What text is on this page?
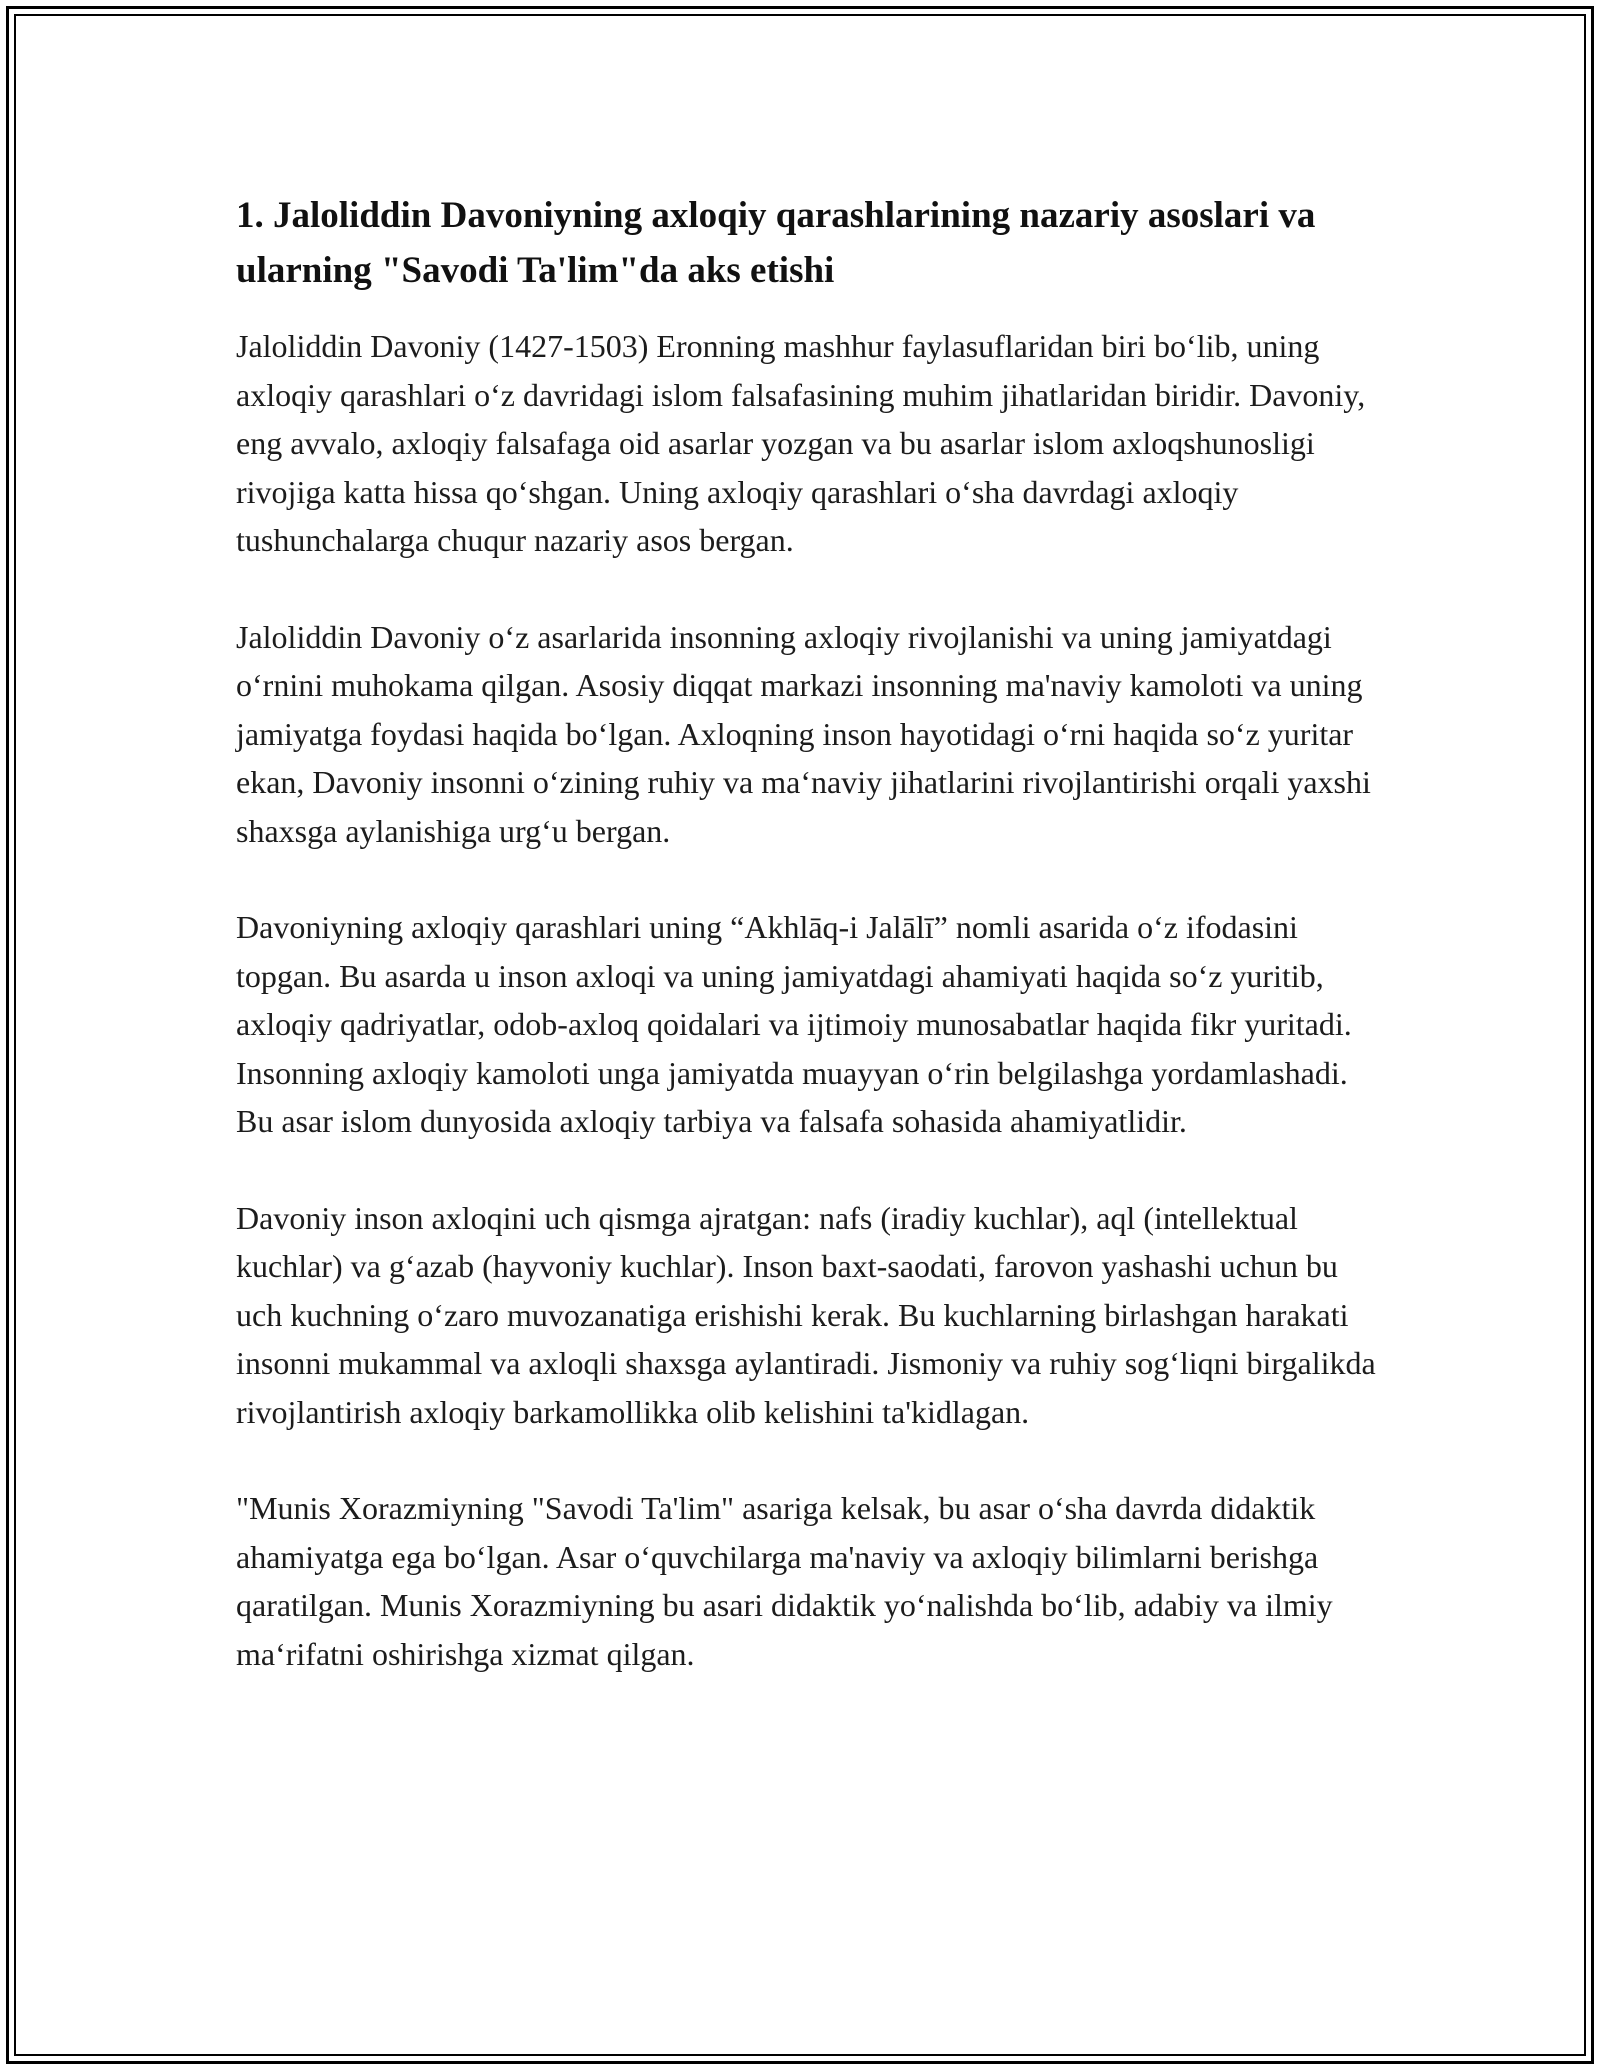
1. Jaloliddin Davoniyning axloqiy qarashlarining nazariy asoslari va ularning "Savodi Ta'lim"da aks etishi

Jaloliddin Davoniy (1427-1503) Eronning mashhur faylasuflaridan biri bo‘lib, uning axloqiy qarashlari o‘z davridagi islom falsafasining muhim jihatlaridan biridir. Davoniy, eng avvalo, axloqiy falsafaga oid asarlar yozgan va bu asarlar islom axloqshunosligi rivojiga katta hissa qo‘shgan. Uning axloqiy qarashlari o‘sha davrdagi axloqiy tushunchalarga chuqur nazariy asos bergan.

Jaloliddin Davoniy o‘z asarlarida insonning axloqiy rivojlanishi va uning jamiyatdagi o‘rnini muhokama qilgan. Asosiy diqqat markazi insonning ma'naviy kamoloti va uning jamiyatga foydasi haqida bo‘lgan. Axloqning inson hayotidagi o‘rni haqida so‘z yuritar ekan, Davoniy insonni o‘zining ruhiy va ma‘naviy jihatlarini rivojlantirishi orqali yaxshi shaxsga aylanishiga urg‘u bergan.

Davoniyning axloqiy qarashlari uning “Akhlāq-i Jalālī” nomli asarida o‘z ifodasini topgan. Bu asarda u inson axloqi va uning jamiyatdagi ahamiyati haqida so‘z yuritib, axloqiy qadriyatlar, odob-axloq qoidalari va ijtimoiy munosabatlar haqida fikr yuritadi. Insonning axloqiy kamoloti unga jamiyatda muayyan o‘rin belgilashga yordamlashadi. Bu asar islom dunyosida axloqiy tarbiya va falsafa sohasida ahamiyatlidir.

Davoniy inson axloqini uch qismga ajratgan: nafs (iradiy kuchlar), aql (intellektual kuchlar) va g‘azab (hayvoniy kuchlar). Inson baxt-saodati, farovon yashashi uchun bu uch kuchning o‘zaro muvozanatiga erishishi kerak. Bu kuchlarning birlashgan harakati insonni mukammal va axloqli shaxsga aylantiradi. Jismoniy va ruhiy sog‘liqni birgalikda rivojlantirish axloqiy barkamollikka olib kelishini ta'kidlagan.

"Munis Xorazmiyning "Savodi Ta'lim" asariga kelsak, bu asar o‘sha davrda didaktik ahamiyatga ega bo‘lgan. Asar o‘quvchilarga ma'naviy va axloqiy bilimlarni berishga qaratilgan. Munis Xorazmiyning bu asari didaktik yo‘nalishda bo‘lib, adabiy va ilmiy ma‘rifatni oshirishga xizmat qilgan.
